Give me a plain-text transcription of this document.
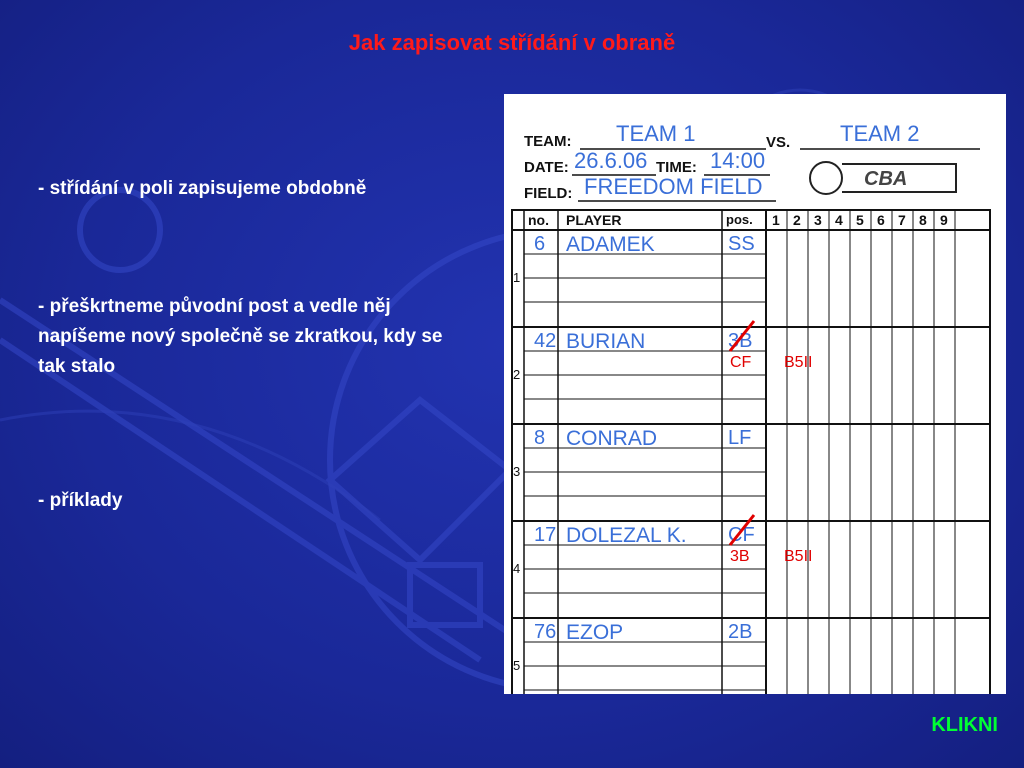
Jak zapisovat střídání v obraně
- střídání v poli zapisujeme obdobně
- přeškrtneme původní post a vedle něj napíšeme nový společně se zkratkou, kdy se tak stalo
- příklady
TEAM: TEAM 1	VS. TEAM 2
DATE: 26.6.06 TIME: 14:00
FIELD: FREEDOM FIELD	CBA
no. PLAYER	pos. 1 2 3 4 5 6 7 8 9
1
6 ADAMEK	SS
2
42 BURIAN	3B
CF B5II
3
8 CONRAD	LF
4
17 DOLEZAL K. CF
3B B5II
5
76 EZOP	2B
KLIKNI
